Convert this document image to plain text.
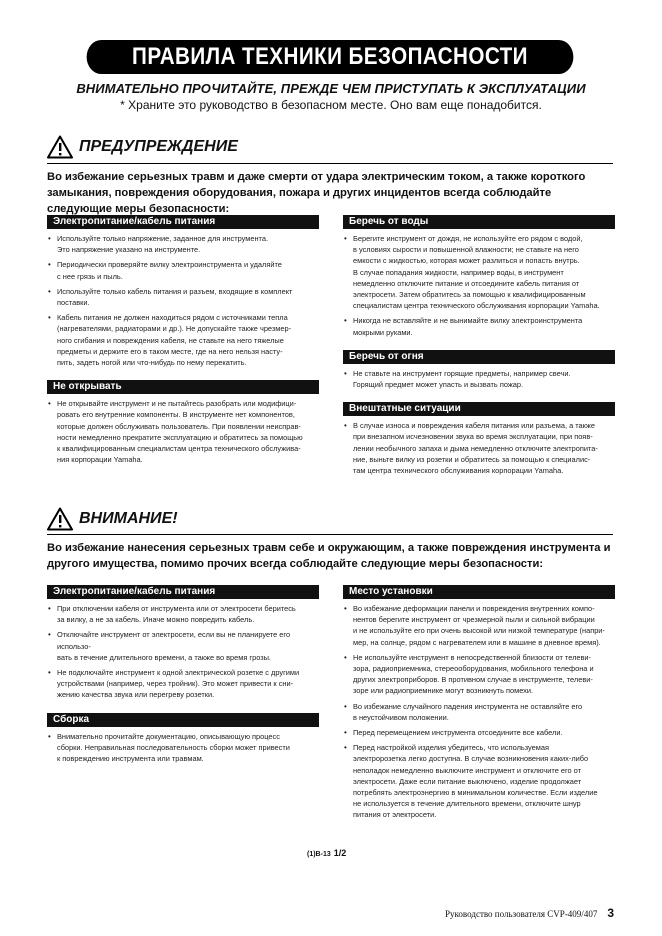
ПРАВИЛА ТЕХНИКИ БЕЗОПАСНОСТИ
ВНИМАТЕЛЬНО ПРОЧИТАЙТЕ, ПРЕЖДЕ ЧЕМ ПРИСТУПАТЬ К ЭКСПЛУАТАЦИИ
* Храните это руководство в безопасном месте. Оно вам еще понадобится.
ПРЕДУПРЕЖДЕНИЕ
Во избежание серьезных травм и даже смерти от удара электрическим током, а также короткого замыкания, повреждения оборудования, пожара и других инцидентов всегда соблюдайте следующие меры безопасности:
Электропитание/кабель питания
• Используйте только напряжение, заданное для инструмента.
Это напряжение указано на инструменте.
• Периодически проверяйте вилку электроинструмента и удаляйте
с нее грязь и пыль.
• Используйте только кабель питания и разъем, входящие в комплект
поставки.
• Кабель питания не должен находиться рядом с источниками тепла
(нагревателями, радиаторами и др.). Не допускайте также чрезмер-
ного сгибания и повреждения кабеля, не ставьте на него тяжелые
предметы и держите его в таком месте, где на него нельзя насту-
пить, задеть ногой или что-нибудь по нему перекатить.
Не открывать
• Не открывайте инструмент и не пытайтесь разобрать или модифици-
ровать его внутренние компоненты. В инструменте нет компонентов,
которые должен обслуживать пользователь. При появлении неисправ-
ности немедленно прекратите эксплуатацию и обратитесь за помощью
к квалифицированным специалистам центра технического обслужива-
ния корпорации Yamaha.
Беречь от воды
• Берегите инструмент от дождя, не используйте его рядом с водой,
в условиях сырости и повышенной влажности; не ставьте на него
емкости с жидкостью, которая может разлиться и попасть внутрь.
В случае попадания жидкости, например воды, в инструмент
немедленно отключите питание и отсоедините кабель питания от
электросети. Затем обратитесь за помощью к квалифицированным
специалистам центра технического обслуживания корпорации Yamaha.
• Никогда не вставляйте и не вынимайте вилку электроинструмента
мокрыми руками.
Беречь от огня
• Не ставьте на инструмент горящие предметы, например свечи.
Горящий предмет может упасть и вызвать пожар.
Внештатные ситуации
• В случае износа и повреждения кабеля питания или разъема, а также
при внезапном исчезновении звука во время эксплуатации, при появ-
лении необычного запаха и дыма немедленно отключите электропита-
ние, выньте вилку из розетки и обратитесь за помощью к специалис-
там центра технического обслуживания корпорации Yamaha.
ВНИМАНИЕ!
Во избежание нанесения серьезных травм себе и окружающим, а также повреждения инструмента и другого имущества, помимо прочих всегда соблюдайте следующие меры безопасности:
Электропитание/кабель питания
• При отключении кабеля от инструмента или от электросети беритесь
за вилку, а не за кабель. Иначе можно повредить кабель.
• Отключайте инструмент от электросети, если вы не планируете его использо-
вать в течение длительного времени, а также во время грозы.
• Не подключайте инструмент к одной электрической розетке с другими
устройствами (например, через тройник). Это может привести к сни-
жению качества звука или перегреву розетки.
Сборка
• Внимательно прочитайте документацию, описывающую процесс
сборки. Неправильная последовательность сборки может привести
к повреждению инструмента или травмам.
Место установки
• Во избежание деформации панели и повреждения внутренних компо-
нентов берегите инструмент от чрезмерной пыли и сильной вибрации
и не используйте его при очень высокой или низкой температуре (напри-
мер, на солнце, рядом с нагревателем или в машине в дневное время).
• Не используйте инструмент в непосредственной близости от телеви-
зора, радиоприемника, стереооборудования, мобильного телефона и
других электроприборов. В противном случае в инструменте, телеви-
зоре или радиоприемнике могут возникнуть помехи.
• Во избежание случайного падения инструмента не оставляйте его
в неустойчивом положении.
• Перед перемещением инструмента отсоедините все кабели.
• Перед настройкой изделия убедитесь, что используемая
электророзетка легко доступна. В случае возникновения каких-либо
неполадок немедленно выключите инструмент и отключите его от
электросети. Даже если питание выключено, изделие продолжает
потреблять электроэнергию в минимальном количестве. Если изделие
не используется в течение длительного времени, отключите шнур
питания от электросети.
(1)B-13 1/2
Руководство пользователя CVP-409/407 3
